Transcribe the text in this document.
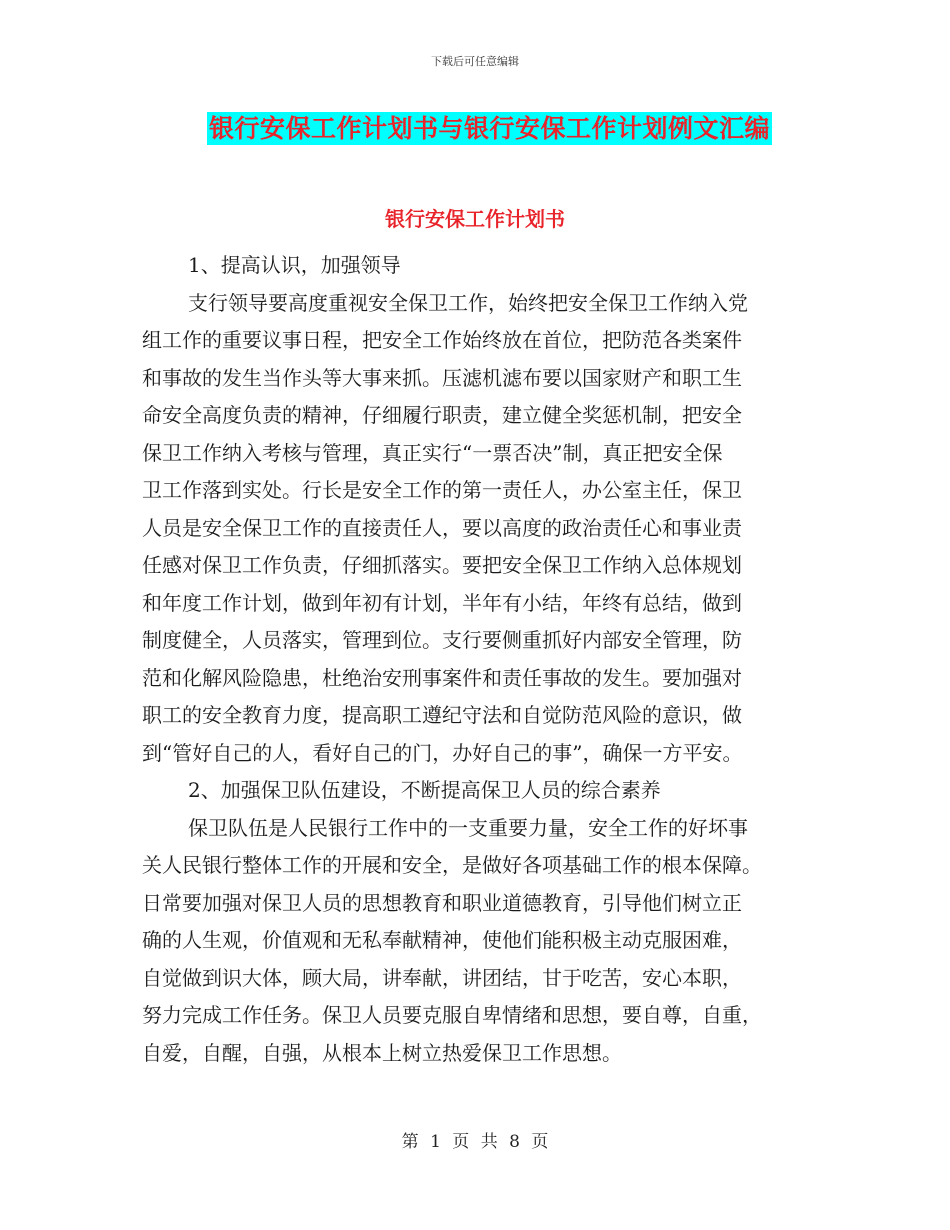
下载后可任意编辑
银行安保工作计划书与银行安保工作计划例文汇编
银行安保工作计划书
1、提高认识，加强领导
支行领导要高度重视安全保卫工作，始终把安全保卫工作纳入党
组工作的重要议事日程，把安全工作始终放在首位，把防范各类案件
和事故的发生当作头等大事来抓。压滤机滤布要以国家财产和职工生
命安全高度负责的精神，仔细履行职责，建立健全奖惩机制，把安全
保卫工作纳入考核与管理，真正实行“一票否决”制，真正把安全保
卫工作落到实处。行长是安全工作的第一责任人，办公室主任，保卫
人员是安全保卫工作的直接责任人，要以高度的政治责任心和事业责
任感对保卫工作负责，仔细抓落实。要把安全保卫工作纳入总体规划
和年度工作计划，做到年初有计划，半年有小结，年终有总结，做到
制度健全，人员落实，管理到位。支行要侧重抓好内部安全管理，防
范和化解风险隐患，杜绝治安刑事案件和责任事故的发生。要加强对
职工的安全教育力度，提高职工遵纪守法和自觉防范风险的意识，做
到“管好自己的人，看好自己的门，办好自己的事”，确保一方平安。
2、加强保卫队伍建设，不断提高保卫人员的综合素养
保卫队伍是人民银行工作中的一支重要力量，安全工作的好坏事
关人民银行整体工作的开展和安全，是做好各项基础工作的根本保障。
日常要加强对保卫人员的思想教育和职业道德教育，引导他们树立正
确的人生观，价值观和无私奉献精神，使他们能积极主动克服困难，
自觉做到识大体，顾大局，讲奉献，讲团结，甘于吃苦，安心本职，
努力完成工作任务。保卫人员要克服自卑情绪和思想，要自尊，自重，
自爱，自醒，自强，从根本上树立热爱保卫工作思想。
第 1 页 共 8 页
